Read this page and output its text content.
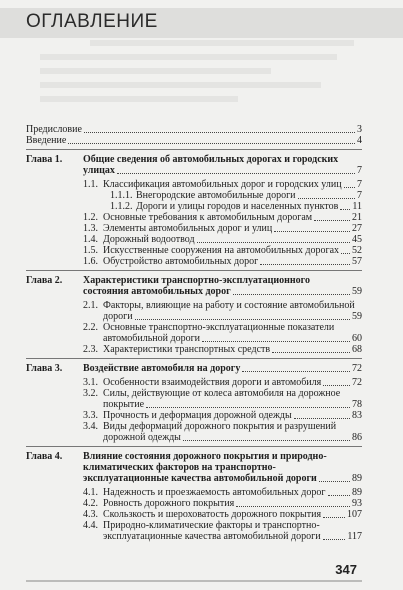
ОГЛАВЛЕНИЕ
Предисловие	3
Введение	4
Глава 1.	Общие сведения об автомобильных дорогах и городских
улицах	7
1.1. Классификация автомобильных дорог и городских улиц 7
1.1.1. Внегородские автомобильные дороги	7
1.1.2. Дороги и улицы городов и населенных пунктов 11
1.2. Основные требования к автомобильным дорогам	21
1.3. Элементы автомобильных дорог и улиц	27
1.4. Дорожный водоотвод	45
1.5. Искусственные сооружения на автомобильных дорогах 52
1.6. Обустройство автомобильных дорог	57
Глава 2.	Характеристики транспортно-эксплуатационного
состояния автомобильных дорог	59
2.1. Факторы, влияющие на работу и состояние автомобильной
дороги	59
2.2. Основные транспортно-эксплуатационные показатели
автомобильной дороги	60
2.3. Характеристики транспортных средств	68
Глава 3.	Воздействие автомобиля на дорогу	72
3.1. Особенности взаимодействия дороги и автомобиля	72
3.2. Силы, действующие от колеса автомобиля на дорожное
покрытие	78
3.3. Прочность и деформация дорожной одежды	83
3.4. Виды деформаций дорожного покрытия и разрушений
дорожной одежды	86
Глава 4.	Влияние состояния дорожного покрытия и природно-
климатических факторов на транспортно-
эксплуатационные качества автомобильной дороги	89
4.1. Надежность и проезжаемость автомобильных дорог	89
4.2. Ровность дорожного покрытия	93
4.3. Скользкость и шероховатость дорожного покрытия	107
4.4. Природно-климатические факторы и транспортно-
эксплуатационные качества автомобильной дороги	117
347
